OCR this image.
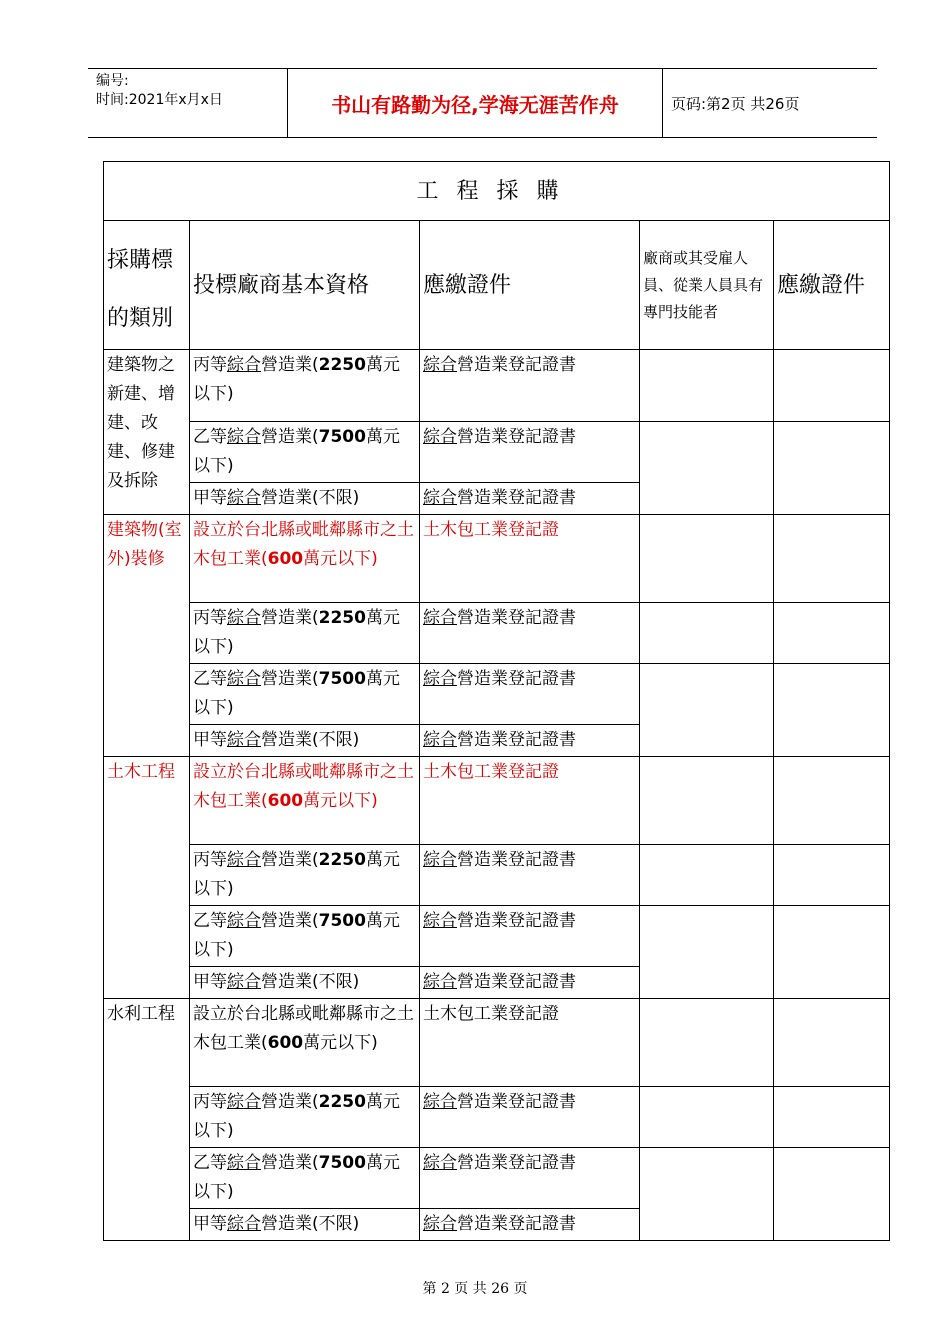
编号:
时间:2021年x月x日	书山有路勤为径,学海无涯苦作舟	页码:第2页 共26页
工程採購				

採購標的類別	投標廠商基本資格	應繳證件	廠商或其受雇人員、從業人員具有專門技能者	應繳證件
建築物之新建、增建、改建、修建及拆除	丙等綜合營造業(2250萬元以下)	綜合營造業登記證書		
	乙等綜合營造業(7500萬元以下)	綜合營造業登記證書		
	甲等綜合營造業(不限)	綜合營造業登記證書		
建築物(室外)裝修	設立於台北縣或毗鄰縣市之土木包工業(600萬元以下)	土木包工業登記證		
	丙等綜合營造業(2250萬元以下)	綜合營造業登記證書		
	乙等綜合營造業(7500萬元以下)	綜合營造業登記證書		
	甲等綜合營造業(不限)	綜合營造業登記證書		
土木工程	設立於台北縣或毗鄰縣市之土木包工業(600萬元以下)	土木包工業登記證		
	丙等綜合營造業(2250萬元以下)	綜合營造業登記證書		
	乙等綜合營造業(7500萬元以下)	綜合營造業登記證書		
	甲等綜合營造業(不限)	綜合營造業登記證書		
水利工程	設立於台北縣或毗鄰縣市之土木包工業(600萬元以下)	土木包工業登記證		
	丙等綜合營造業(2250萬元以下)	綜合營造業登記證書		
	乙等綜合營造業(7500萬元以下)	綜合營造業登記證書		
	甲等綜合營造業(不限)	綜合營造業登記證書		
第 2 页 共 26 页
